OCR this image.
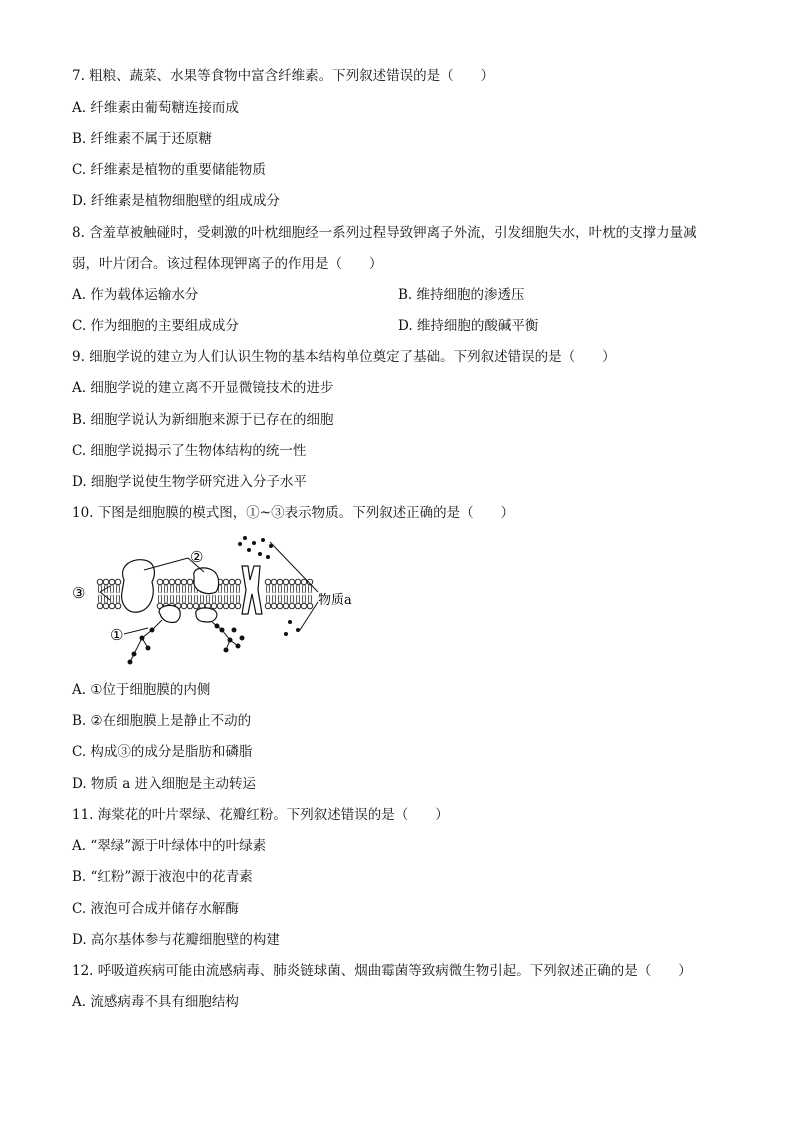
7. 粗粮、蔬菜、水果等食物中富含纤维素。下列叙述错误的是（　　）
A. 纤维素由葡萄糖连接而成
B. 纤维素不属于还原糖
C. 纤维素是植物的重要储能物质
D. 纤维素是植物细胞壁的组成成分
8. 含羞草被触碰时，受刺激的叶枕细胞经一系列过程导致钾离子外流，引发细胞失水，叶枕的支撑力量减
弱，叶片闭合。该过程体现钾离子的作用是（　　）
A. 作为载体运输水分	B. 维持细胞的渗透压
C. 作为细胞的主要组成成分	D. 维持细胞的酸碱平衡
9. 细胞学说的建立为人们认识生物的基本结构单位奠定了基础。下列叙述错误的是（　　）
A. 细胞学说的建立离不开显微镜技术的进步
B. 细胞学说认为新细胞来源于已存在的细胞
C. 细胞学说揭示了生物体结构的统一性
D. 细胞学说使生物学研究进入分子水平
10. 下图是细胞膜的模式图，①~③表示物质。下列叙述正确的是（　　）
②
③
①
物质a
A. ①位于细胞膜的内侧
B. ②在细胞膜上是静止不动的
C. 构成③的成分是脂肪和磷脂
D. 物质 a 进入细胞是主动转运
11. 海棠花的叶片翠绿、花瓣红粉。下列叙述错误的是（　　）
A. “翠绿”源于叶绿体中的叶绿素
B. “红粉”源于液泡中的花青素
C. 液泡可合成并储存水解酶
D. 高尔基体参与花瓣细胞壁的构建
12. 呼吸道疾病可能由流感病毒、肺炎链球菌、烟曲霉菌等致病微生物引起。下列叙述正确的是（　　）
A. 流感病毒不具有细胞结构
